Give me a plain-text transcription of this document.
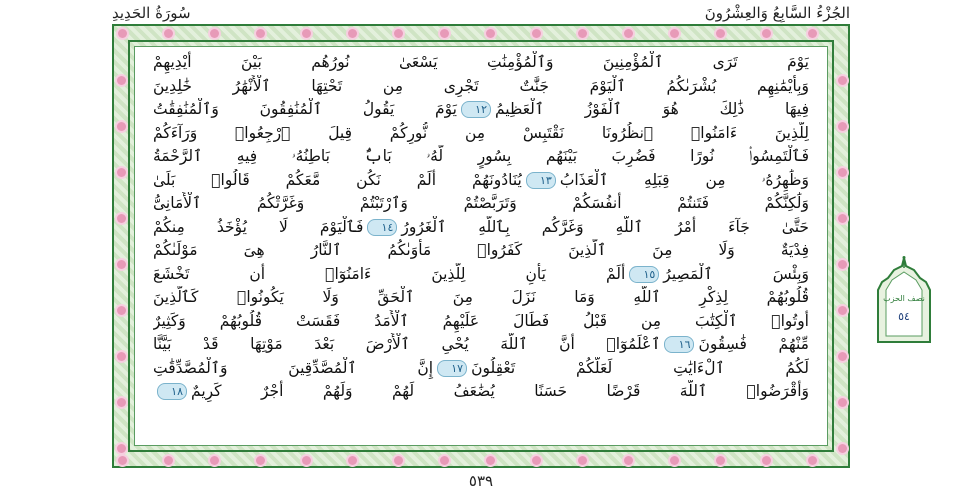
الجُزْءُ السَّابِعُ وَالعِشْرُونَ
سُورَةُ الحَدِيدِ
يَوْمَ تَرَى ٱلْمُؤْمِنِينَ وَٱلْمُؤْمِنَٰتِ يَسْعَىٰ نُورُهُم بَيْنَ أَيْدِيهِمْ
وَبِأَيْمَٰنِهِم بُشْرَىٰكُمُ ٱلْيَوْمَ جَنَّٰتٌ تَجْرِى مِن تَحْتِهَا ٱلْأَنْهَٰرُ خَٰلِدِينَ
فِيهَا ذَٰلِكَ هُوَ ٱلْفَوْزُ ٱلْعَظِيمُ١٢يَوْمَ يَقُولُ ٱلْمُنَٰفِقُونَ وَٱلْمُنَٰفِقَٰتُ
لِلَّذِينَ ءَامَنُوا۟ ٱنظُرُونَا نَقْتَبِسْ مِن نُّورِكُمْ قِيلَ ٱرْجِعُوا۟ وَرَآءَكُمْ
فَٱلْتَمِسُوا۟ نُورًا فَضُرِبَ بَيْنَهُم بِسُورٍ لَّهُۥ بَابٌۢ بَاطِنُهُۥ فِيهِ ٱلرَّحْمَةُ
وَظَٰهِرُهُۥ مِن قِبَلِهِ ٱلْعَذَابُ١٣يُنَادُونَهُمْ أَلَمْ نَكُن مَّعَكُمْ قَالُوا۟ بَلَىٰ
وَلَٰكِنَّكُمْ فَتَنتُمْ أَنفُسَكُمْ وَتَرَبَّصْتُمْ وَٱرْتَبْتُمْ وَغَرَّتْكُمُ ٱلْأَمَانِىُّ
حَتَّىٰ جَآءَ أَمْرُ ٱللَّهِ وَغَرَّكُم بِٱللَّهِ ٱلْغَرُورُ١٤فَٱلْيَوْمَ لَا يُؤْخَذُ مِنكُمْ
فِدْيَةٌ وَلَا مِنَ ٱلَّذِينَ كَفَرُوا۟ مَأْوَىٰكُمُ ٱلنَّارُ هِىَ مَوْلَىٰكُمْ
وَبِئْسَ ٱلْمَصِيرُ١٥أَلَمْ يَأْنِ لِلَّذِينَ ءَامَنُوٓا۟ أَن تَخْشَعَ
قُلُوبُهُمْ لِذِكْرِ ٱللَّهِ وَمَا نَزَلَ مِنَ ٱلْحَقِّ وَلَا يَكُونُوا۟ كَٱلَّذِينَ
أُوتُوا۟ ٱلْكِتَٰبَ مِن قَبْلُ فَطَالَ عَلَيْهِمُ ٱلْأَمَدُ فَقَسَتْ قُلُوبُهُمْ وَكَثِيرٌ
مِّنْهُمْ فَٰسِقُونَ١٦ٱعْلَمُوٓا۟ أَنَّ ٱللَّهَ يُحْىِ ٱلْأَرْضَ بَعْدَ مَوْتِهَا قَدْ بَيَّنَّا
لَكُمُ ٱلْءَايَٰتِ لَعَلَّكُمْ تَعْقِلُونَ١٧إِنَّ ٱلْمُصَّدِّقِينَ وَٱلْمُصَّدِّقَٰتِ
وَأَقْرَضُوا۟ ٱللَّهَ قَرْضًا حَسَنًا يُضَٰعَفُ لَهُمْ وَلَهُمْ أَجْرٌ كَرِيمٌ١٨
٥٣٩
نصف الحزب
٥٤
